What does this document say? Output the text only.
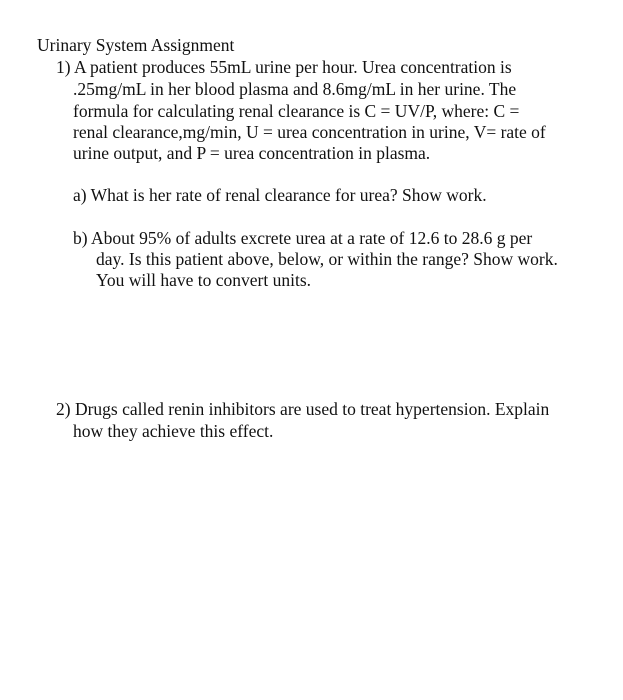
Urinary System Assignment
1) A patient produces 55mL urine per hour. Urea concentration is
.25mg/mL in her blood plasma and 8.6mg/mL in her urine. The
formula for calculating renal clearance is C = UV/P, where: C =
renal clearance,mg/min, U = urea concentration in urine, V= rate of
urine output, and P = urea concentration in plasma.
a) What is her rate of renal clearance for urea? Show work.
b) About 95% of adults excrete urea at a rate of 12.6 to 28.6 g per
day. Is this patient above, below, or within the range? Show work.
You will have to convert units.
2) Drugs called renin inhibitors are used to treat hypertension. Explain
how they achieve this effect.
